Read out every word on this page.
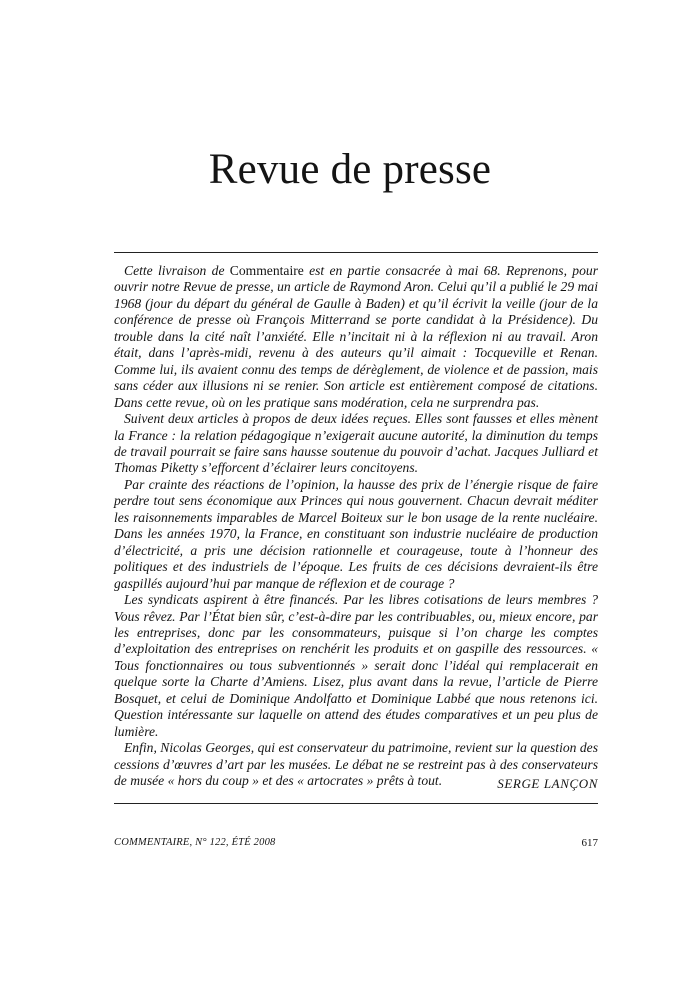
Revue de presse

Cette livraison de Commentaire est en partie consacrée à mai 68. Reprenons, pour ouvrir notre Revue de presse, un article de Raymond Aron. Celui qu’il a publié le 29 mai 1968 (jour du départ du général de Gaulle à Baden) et qu’il écrivit la veille (jour de la conférence de presse où François Mitterrand se porte candidat à la Présidence). Du trouble dans la cité naît l’anxiété. Elle n’incitait ni à la réflexion ni au travail. Aron était, dans l’après-midi, revenu à des auteurs qu’il aimait : Tocqueville et Renan. Comme lui, ils avaient connu des temps de dérèglement, de violence et de passion, mais sans céder aux illusions ni se renier. Son article est entièrement composé de citations. Dans cette revue, où on les pratique sans modération, cela ne surprendra pas.

Suivent deux articles à propos de deux idées reçues. Elles sont fausses et elles mènent la France : la relation pédagogique n’exigerait aucune autorité, la diminution du temps de travail pourrait se faire sans hausse soutenue du pouvoir d’achat. Jacques Julliard et Thomas Piketty s’efforcent d’éclairer leurs concitoyens.

Par crainte des réactions de l’opinion, la hausse des prix de l’énergie risque de faire perdre tout sens économique aux Princes qui nous gouvernent. Chacun devrait méditer les raisonnements imparables de Marcel Boiteux sur le bon usage de la rente nucléaire. Dans les années 1970, la France, en constituant son industrie nucléaire de production d’électricité, a pris une décision rationnelle et courageuse, toute à l’honneur des politiques et des industriels de l’époque. Les fruits de ces décisions devraient-ils être gaspillés aujourd’hui par manque de réflexion et de courage ?

Les syndicats aspirent à être financés. Par les libres cotisations de leurs membres ? Vous rêvez. Par l’État bien sûr, c’est-à-dire par les contribuables, ou, mieux encore, par les entreprises, donc par les consommateurs, puisque si l’on charge les comptes d’exploitation des entreprises on renchérit les produits et on gaspille des ressources. « Tous fonctionnaires ou tous subventionnés » serait donc l’idéal qui remplacerait en quelque sorte la Charte d’Amiens. Lisez, plus avant dans la revue, l’article de Pierre Bosquet, et celui de Dominique Andolfatto et Dominique Labbé que nous retenons ici. Question intéressante sur laquelle on attend des études comparatives et un peu plus de lumière.

Enfin, Nicolas Georges, qui est conservateur du patrimoine, revient sur la question des cessions d’œuvres d’art par les musées. Le débat ne se restreint pas à des conservateurs de musée « hors du coup » et des « artocrates » prêts à tout.	SERGE LANÇON
COMMENTAIRE, N° 122, ÉTÉ 2008	617
